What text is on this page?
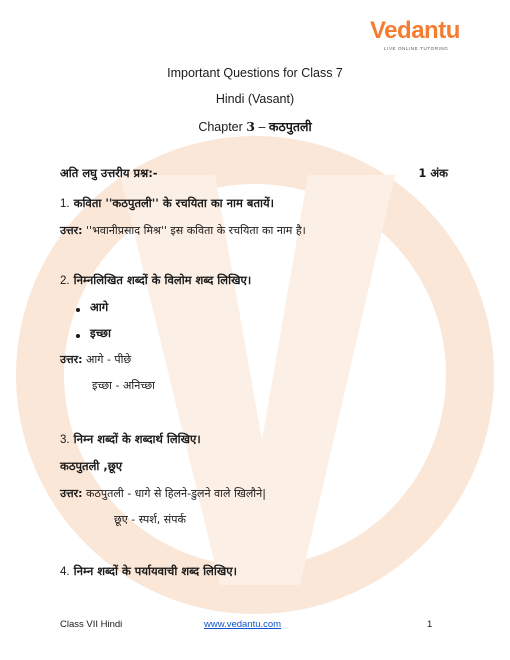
Vedantu
LIVE ONLINE TUTORING
Important Questions for Class 7
Hindi (Vasant)
Chapter 3 – कठपुतली
अति लघु उत्तरीय प्रश्न:-	1 अंक
1. कविता ''कठपुतली'' के रचयिता का नाम बतायें।
उत्तर: ''भवानीप्रसाद मिश्र'' इस कविता के रचयिता का नाम है।
2. निम्नलिखित शब्दों के विलोम शब्द लिखिए।
आगे
इच्छा
उत्तर: आगे - पीछे
इच्छा - अनिच्छा
3. निम्न शब्दों के शब्दार्थ लिखिए।
कठपुतली ,छूए
उत्तर: कठपुतली - धागे से हिलने-डुलने वाले खिलौने|
छूए - स्पर्श, संपर्क
4. निम्न शब्दों के पर्यायवाची शब्द लिखिए।
Class VII Hindi	www.vedantu.com	1
